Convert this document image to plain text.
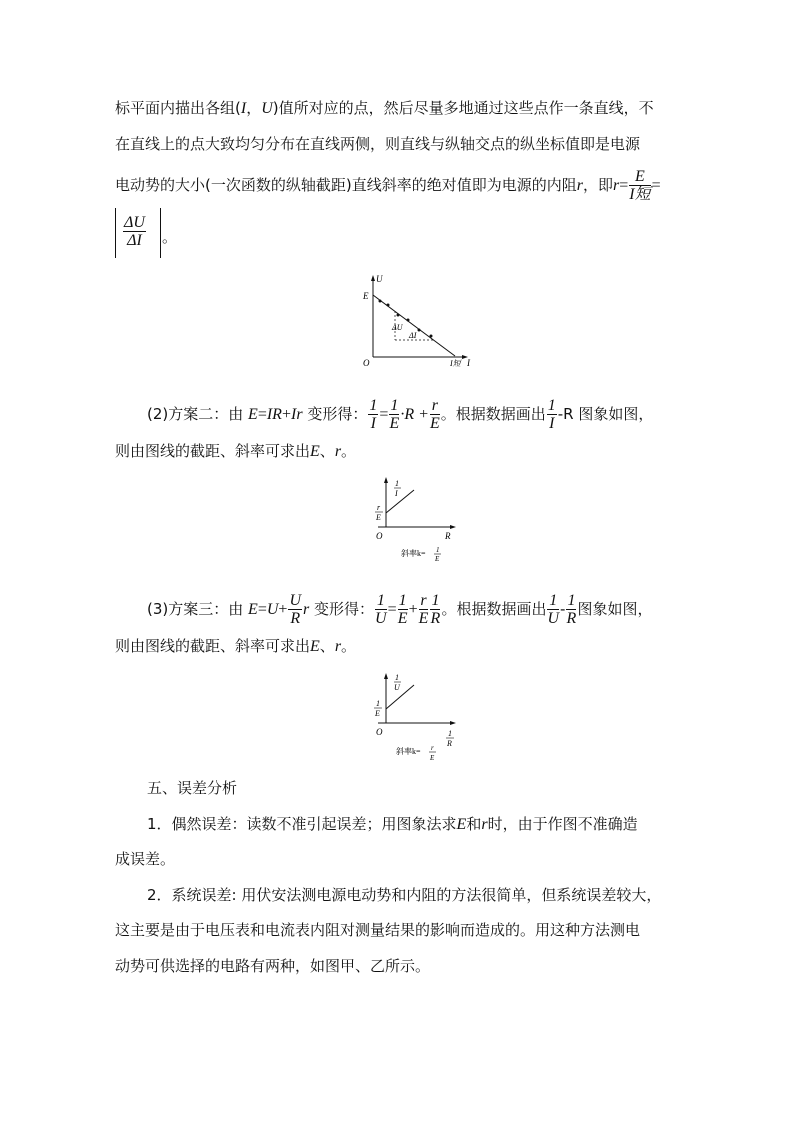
标平面内描出各组(I，U)值所对应的点，然后尽量多地通过这些点作一条直线，不
在直线上的点大致均匀分布在直线两侧，则直线与纵轴交点的纵坐标值即是电源
电动势的大小(一次函数的纵轴截距)直线斜率的绝对值即为电源的内阻r，即$r= \frac{E}{\text{I短}}$ =
$\frac{\Delta U}{\Delta I}$ 。
U
E
O
ΔU
ΔI
I短 I
(2)方案二：由 E=IR+Ir 变形得： $\frac{1}{I} = \frac{1}{E} \cdot R + \frac{r}{E}$ 。根据数据画出 $\frac{1}{I} -R$ 图象如图，
则由图线的截距、斜率可求出E、r。
1
I
r
E
O	R
斜率k= 1
E
(3)方案三：由 $E=U+ \frac{U}{R}$ r 变形得： $\frac{1}{U} = \frac{1}{E} + \frac{r}{E} \frac{1}{R}$ 。根据数据画出 $\frac{1}{U} - \frac{1}{R}$ 图象如图，
则由图线的截距、斜率可求出E、r。
1
U
1
E
O	1
R
斜率k= r
E
五、误差分析
1．偶然误差：读数不准引起误差；用图象法求E和r时，由于作图不准确造
成误差。
2．系统误差: 用伏安法测电源电动势和内阻的方法很简单，但系统误差较大，
这主要是由于电压表和电流表内阻对测量结果的影响而造成的。用这种方法测电
动势可供选择的电路有两种，如图甲、乙所示。
